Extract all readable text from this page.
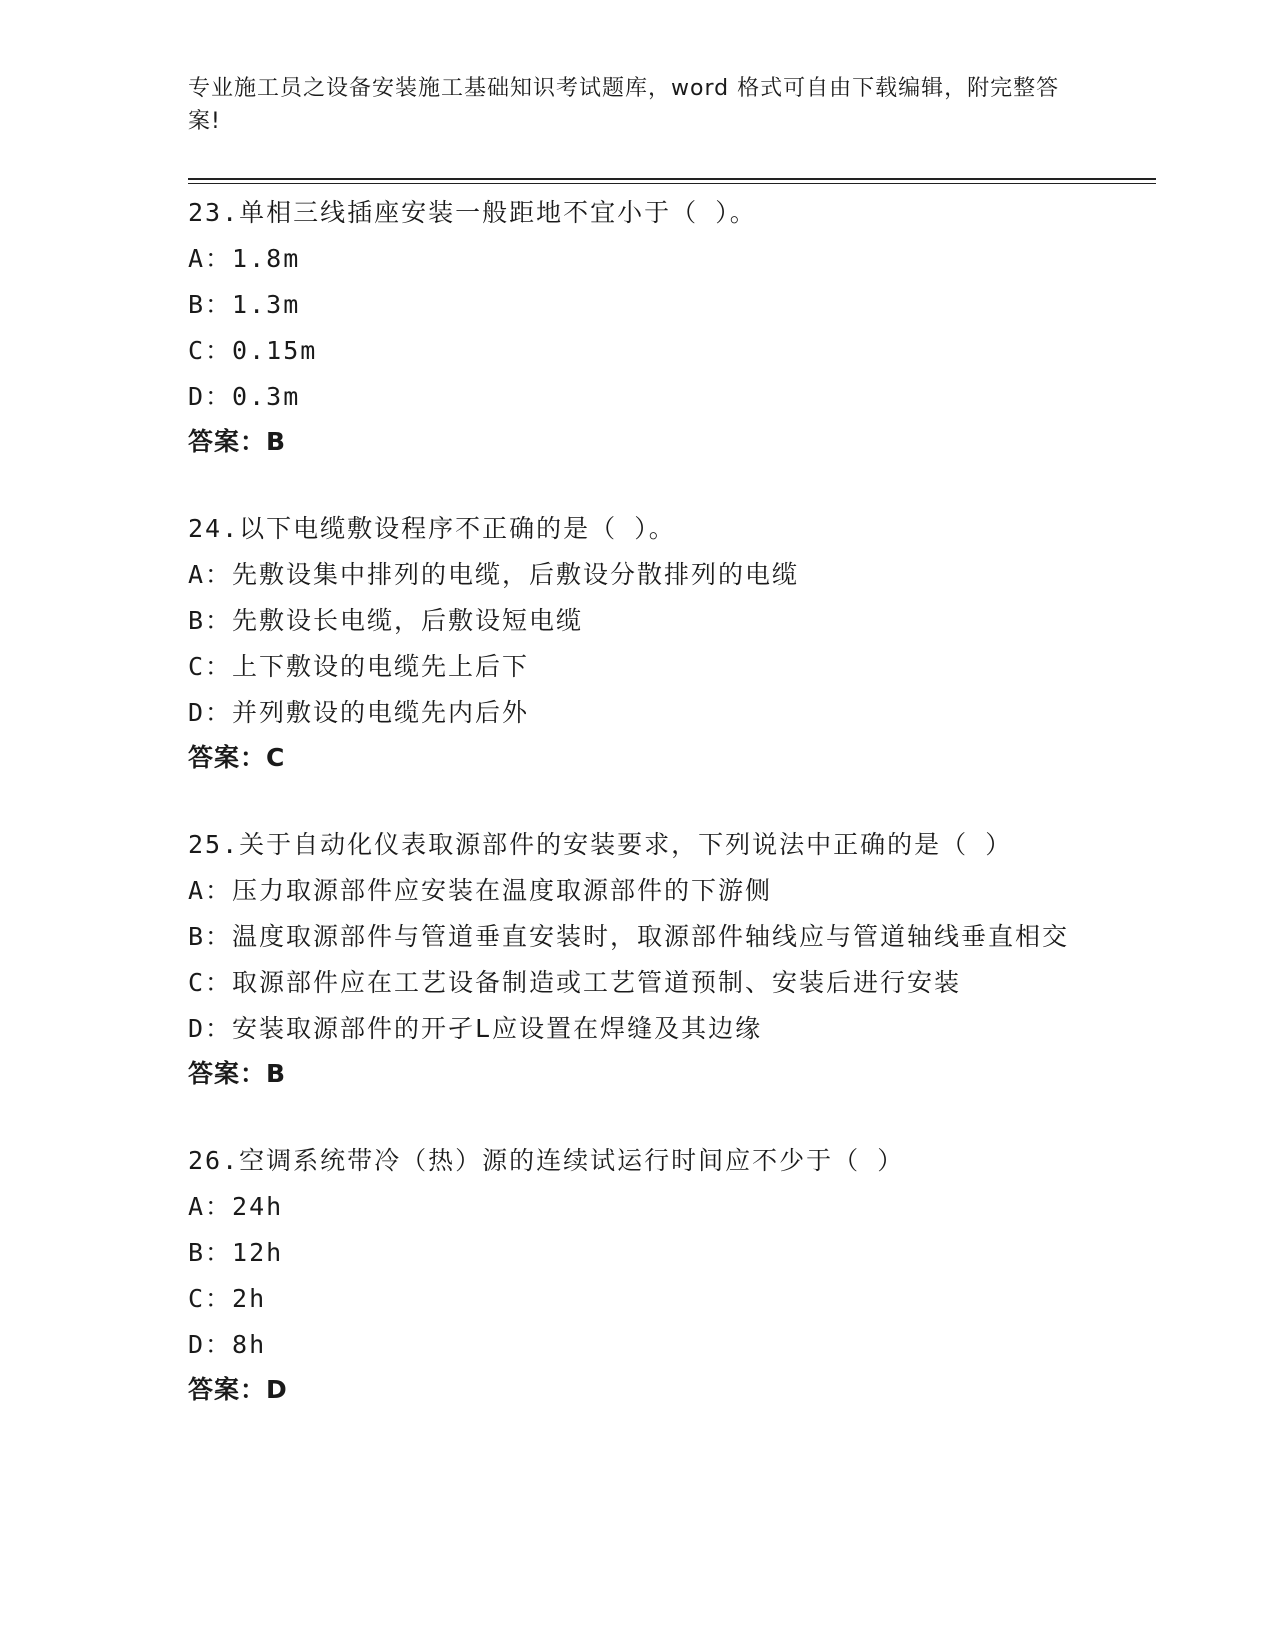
专业施工员之设备安装施工基础知识考试题库，word 格式可自由下载编辑，附完整答案!
23.单相三线插座安装一般距地不宜小于（ ）。
A：1.8m
B：1.3m
C：0.15m
D：0.3m
答案：B
24.以下电缆敷设程序不正确的是（ ）。
A：先敷设集中排列的电缆，后敷设分散排列的电缆
B：先敷设长电缆，后敷设短电缆
C：上下敷设的电缆先上后下
D：并列敷设的电缆先内后外
答案：C
25.关于自动化仪表取源部件的安装要求，下列说法中正确的是（ ）
A：压力取源部件应安装在温度取源部件的下游侧
B：温度取源部件与管道垂直安装时，取源部件轴线应与管道轴线垂直相交
C：取源部件应在工艺设备制造或工艺管道预制、安装后进行安装
D：安装取源部件的开孑L应设置在焊缝及其边缘
答案：B
26.空调系统带冷（热）源的连续试运行时间应不少于（ ）
A：24h
B：12h
C：2h
D：8h
答案：D
